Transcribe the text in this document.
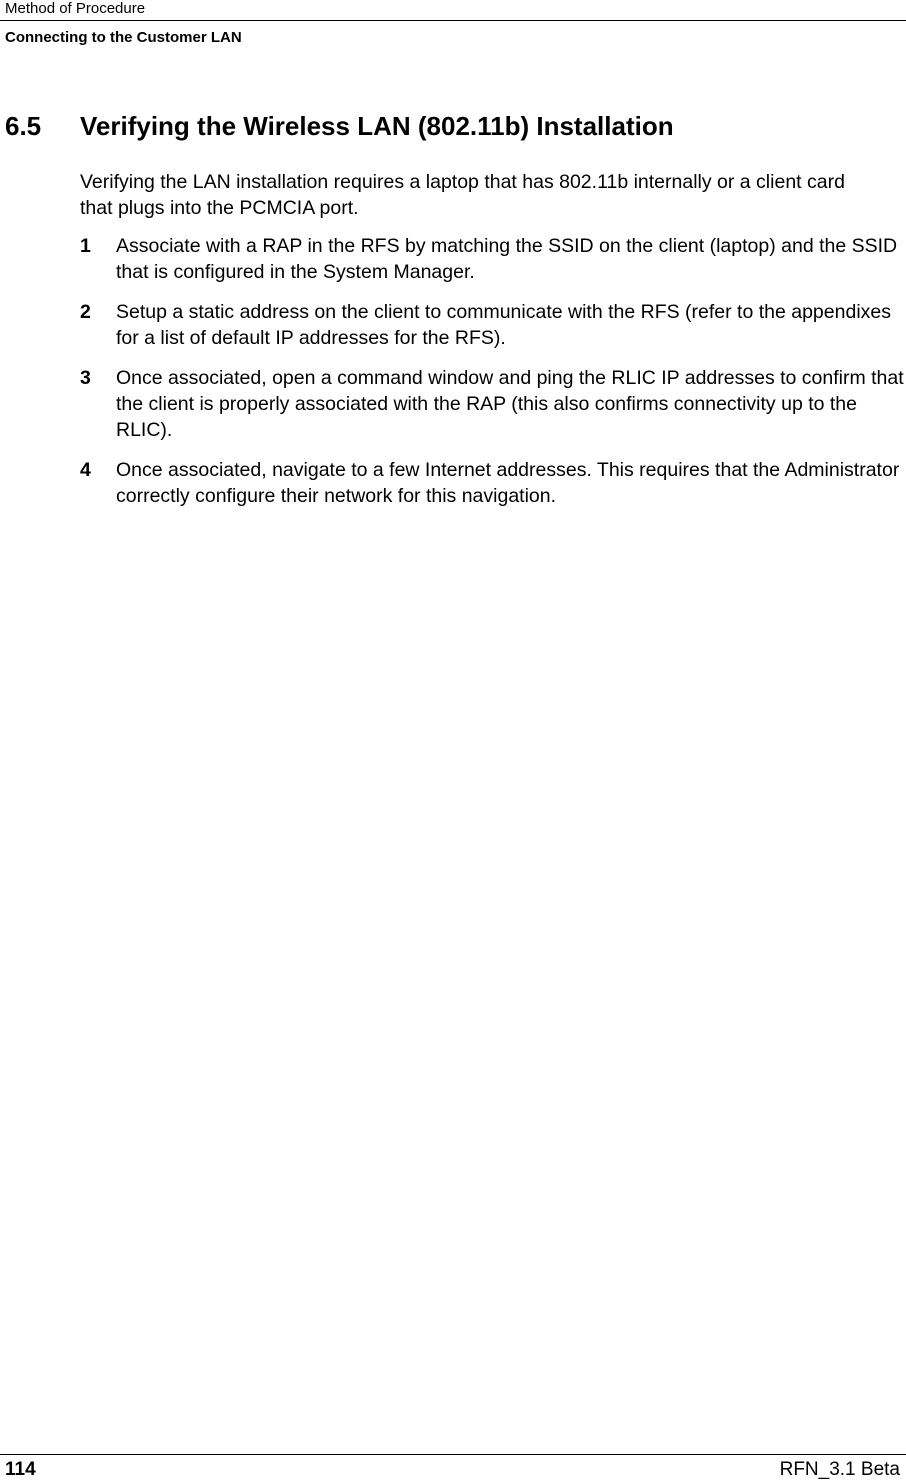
Method of Procedure

Connecting to the Customer LAN

6.5 Verifying the Wireless LAN (802.11b) Installation

Verifying the LAN installation requires a laptop that has 802.11b internally or a client card that plugs into the PCMCIA port.

1	Associate with a RAP in the RFS by matching the SSID on the client (laptop) and the SSID that is configured in the System Manager.
2	Setup a static address on the client to communicate with the RFS (refer to the appendixes for a list of default IP addresses for the RFS).
3	Once associated, open a command window and ping the RLIC IP addresses to confirm that the client is properly associated with the RAP (this also confirms connectivity up to the RLIC).
4	Once associated, navigate to a few Internet addresses. This requires that the Administrator correctly configure their network for this navigation.

114	RFN_3.1 Beta
